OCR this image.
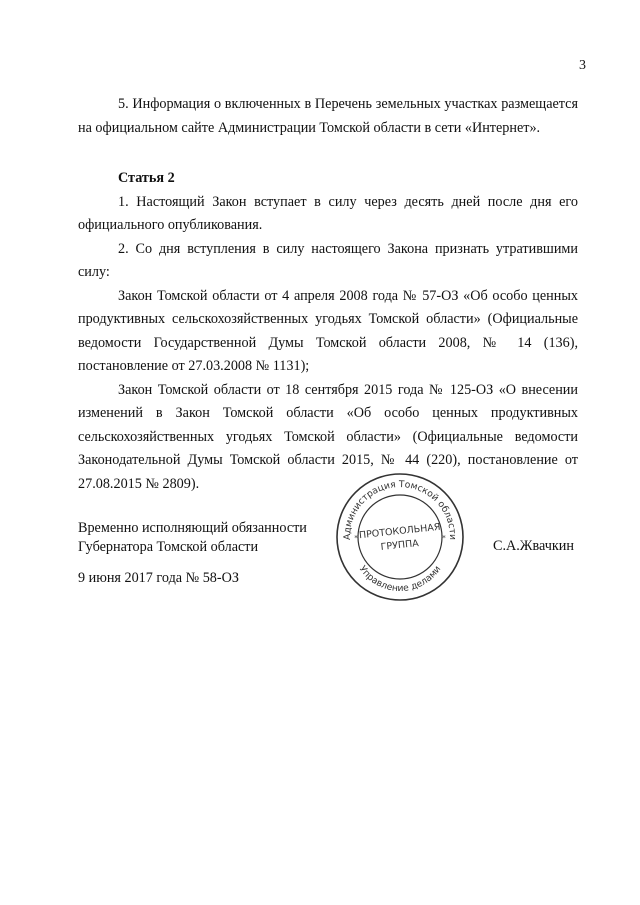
3

5. Информация о включенных в Перечень земельных участках размещается на официальном сайте Администрации Томской области в сети «Интернет».

Статья 2

1. Настоящий Закон вступает в силу через десять дней после дня его официального опубликования.

2. Со дня вступления в силу настоящего Закона признать утратившими силу:

Закон Томской области от 4 апреля 2008 года № 57-ОЗ «Об особо ценных продуктивных сельскохозяйственных угодьях Томской области» (Официальные ведомости Государственной Думы Томской области 2008, № 14 (136), постановление от 27.03.2008 № 1131);

Закон Томской области от 18 сентября 2015 года № 125-ОЗ «О внесении изменений в Закон Томской области «Об особо ценных продуктивных сельскохозяйственных угодьях Томской области» (Официальные ведомости Законодательной Думы Томской области 2015, № 44 (220), постановление от 27.08.2015 № 2809).

Временно исполняющий обязанности
Губернатора Томской области	С.А.Жвачкин

9 июня 2017 года № 58-ОЗ

Администрация Томской области
Управление делами
*	*
ПРОТОКОЛЬНАЯ
ГРУППА
